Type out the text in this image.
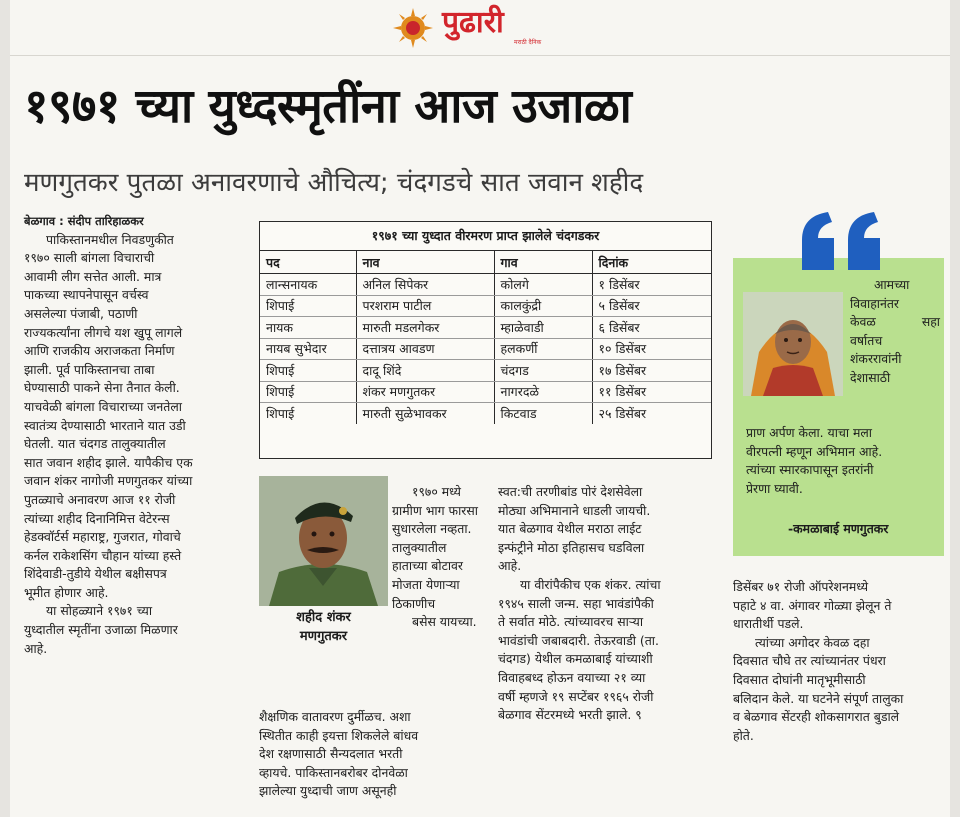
पुढारी
मराठी दैनिक
१९७१ च्या युध्दस्मृतींना आज उजाळा
मणगुतकर पुतळा अनावरणाचे औचित्य; चंदगडचे सात जवान शहीद

बेळगाव : संदीप तारिहाळकर

पाकिस्तानमधील निवडणुकीत
१९७० साली बांगला विचाराची
आवामी लीग सत्तेत आली. मात्र
पाकच्या स्थापनेपासून वर्चस्व
असलेल्या पंजाबी, पठाणी
राज्यकर्त्यांना लीगचे यश खुपू लागले
आणि राजकीय अराजकता निर्माण
झाली. पूर्व पाकिस्तानचा ताबा
घेण्यासाठी पाकने सेना तैनात केली.
याचवेळी बांगला विचाराच्या जनतेला
स्वातंत्र्य देण्यासाठी भारताने यात उडी
घेतली. यात चंदगड तालुक्यातील
सात जवान शहीद झाले. यापैकीच एक
जवान शंकर नागोजी मणगुतकर यांच्या
पुतळ्याचे अनावरण आज ११ रोजी
त्यांच्या शहीद दिनानिमित्त वेटेरन्स
हेडक्वॉर्टर्स महाराष्ट्र, गुजरात, गोवाचे
कर्नल राकेशसिंग चौहान यांच्या हस्ते
शिंदेवाडी-तुडीये येथील बक्षीसपत्र
भूमीत होणार आहे.

या सोहळ्याने १९७१ च्या
युध्दातील स्मृतींना उजाळा मिळणार
आहे.

१९७१ च्या युध्दात वीरमरण प्राप्त झालेले चंदगडकर
पद	नाव	गाव	दिनांक
लान्सनायक	अनिल सिपेकर	कोलगे	१ डिसेंबर
शिपाई	परशराम पाटील	कालकुंद्री	५ डिसेंबर
नायक	मारुती मडलगेकर	म्हाळेवाडी	६ डिसेंबर
नायब सुभेदार	दत्तात्रय आवडण	हलकर्णी	१० डिसेंबर
शिपाई	दादू शिंदे	चंदगड	१७ डिसेंबर
शिपाई	शंकर मणगुतकर	नागरदळे	११ डिसेंबर
शिपाई	मारुती सुळेभावकर	किटवाड	२५ डिसेंबर
शहीद शंकर
मणगुतकर
१९७० मध्ये
ग्रामीण भाग फारसा
सुधारलेला नव्हता.
तालुक्यातील
हाताच्या बोटावर
मोजता येणाऱ्या
ठिकाणीच
बसेस यायच्या.
शैक्षणिक वातावरण दुर्मीळच. अशा
स्थितीत काही इयत्ता शिकलेले बांधव
देश रक्षणासाठी सैन्यदलात भरती
व्हायचे. पाकिस्तानबरोबर दोनवेळा
झालेल्या युध्दाची जाण असूनही
स्वत:ची तरणीबांड पोरं देशसेवेला
मोठ्या अभिमानाने धाडली जायची.
यात बेळगाव येथील मराठा लाईट
इन्फंट्रीने मोठा इतिहासच घडविला
आहे.
या वीरांपैकीच एक शंकर. त्यांचा
१९४५ साली जन्म. सहा भावंडांपैकी
ते सर्वात मोठे. त्यांच्यावरच साऱ्या
भावंडांची जबाबदारी. तेऊरवाडी (ता.
चंदगड) येथील कमळाबाई यांच्याशी
विवाहबध्द होऊन वयाच्या २१ व्या
वर्षी म्हणजे १९ सप्टेंबर १९६५ रोजी
बेळगाव सेंटरमध्ये भरती झाले. ९
आमच्या
विवाहानंतर
केवळ सहा
वर्षातच
शंकररावांनी
देशासाठी
प्राण अर्पण केला. याचा मला
वीरपत्नी म्हणून अभिमान आहे.
त्यांच्या स्मारकापासून इतरांनी
प्रेरणा घ्यावी.
-कमळाबाई मणगुतकर
डिसेंबर ७१ रोजी ऑपरेशनमध्ये
पहाटे ४ वा. अंगावर गोळ्या झेलून ते
धारातीर्थी पडले.
त्यांच्या अगोदर केवळ दहा
दिवसात चौघे तर त्यांच्यानंतर पंधरा
दिवसात दोघांनी मातृभूमीसाठी
बलिदान केले. या घटनेने संपूर्ण तालुका
व बेळगाव सेंटरही शोकसागरात बुडाले
होते.
